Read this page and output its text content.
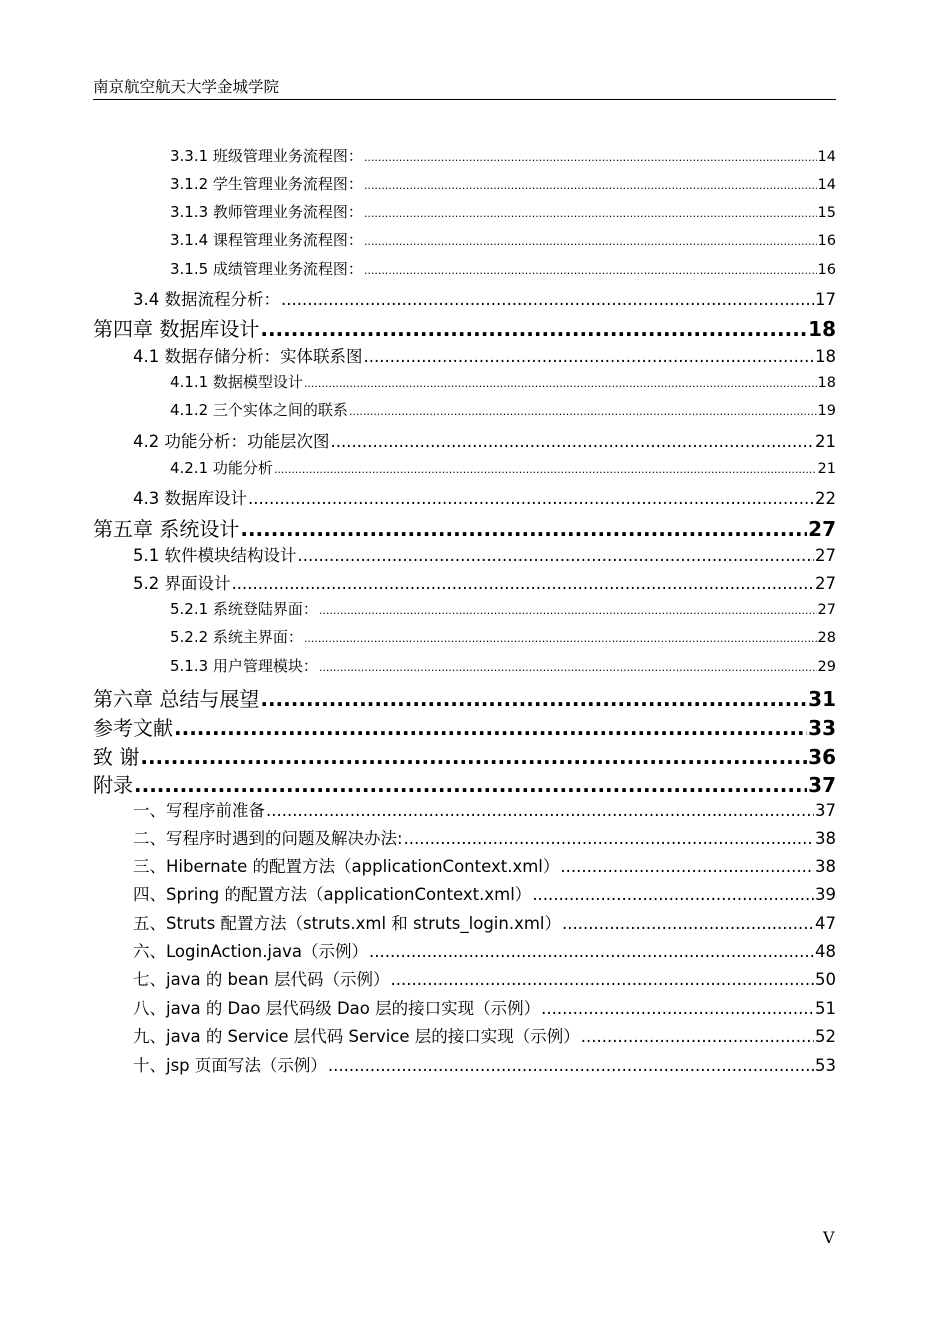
南京航空航天大学金城学院
3.3.1 班级管理业务流程图： .....	14
3.1.2 学生管理业务流程图： .....	14
3.1.3 教师管理业务流程图： .....	15
3.1.4 课程管理业务流程图： .....	16
3.1.5 成绩管理业务流程图： .....	16
3.4 数据流程分析： .....	17
第四章 数据库设计 .....	18
4.1 数据存储分析：实体联系图 .....	18
4.1.1 数据模型设计 .....	18
4.1.2 三个实体之间的联系 .....	19
4.2 功能分析：功能层次图 .....	21
4.2.1 功能分析 .....	21
4.3 数据库设计 .....	22
第五章 系统设计 .....	27
5.1 软件模块结构设计 .....	27
5.2 界面设计 .....	27
5.2.1 系统登陆界面： .....	27
5.2.2 系统主界面： .....	28
5.1.3 用户管理模块： .....	29
第六章 总结与展望 .....	31
参考文献 .....	33
致 谢 .....	36
附录 .....	37
一、写程序前准备 .....	37
二、写程序时遇到的问题及解决办法: .....	38
三、Hibernate 的配置方法（applicationContext.xml） .....	38
四、Spring 的配置方法（applicationContext.xml） .....	39
五、Struts 配置方法（struts.xml 和 struts_login.xml） .....	47
六、LoginAction.java（示例） .....	48
七、java 的 bean 层代码（示例） .....	50
八、java 的 Dao 层代码级 Dao 层的接口实现（示例） .....	51
九、java 的 Service 层代码 Service 层的接口实现（示例） .....	52
十、jsp 页面写法（示例） .....	53
V
